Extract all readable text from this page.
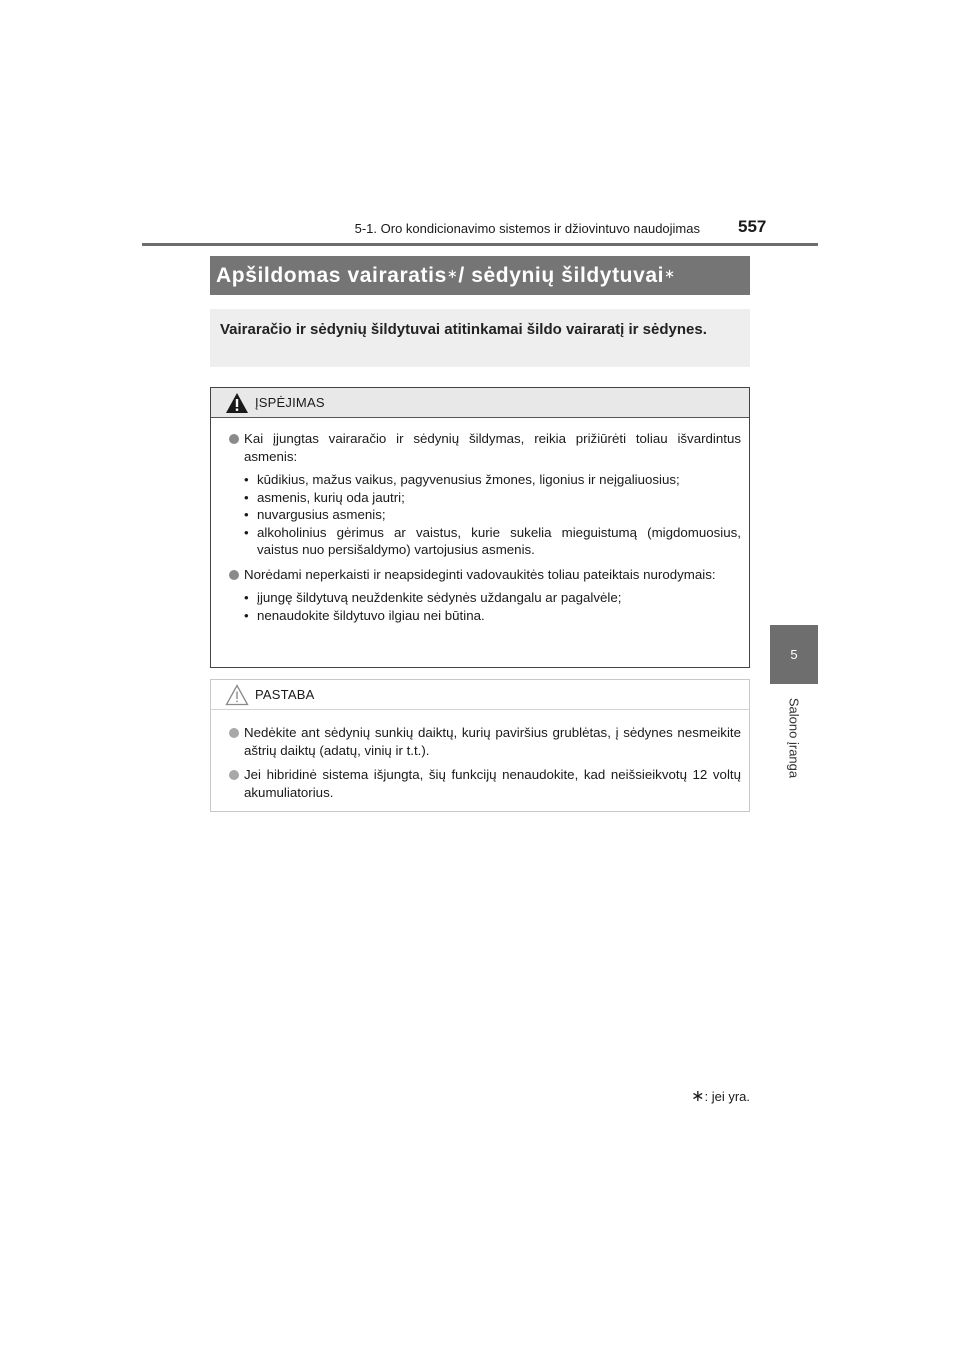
5-1. Oro kondicionavimo sistemos ir džiovintuvo naudojimas 557
5
Salono įranga
Apšildomas vairaratis∗ / sėdynių šildytuvai∗
Vairaračio ir sėdynių šildytuvai atitinkamai šildo vairaratį ir sėdynes.
ĮSPĖJIMAS
Kai įjungtas vairaračio ir sėdynių šildymas, reikia prižiūrėti toliau išvardintus asmenis:
• kūdikius, mažus vaikus, pagyvenusius žmones, ligonius ir neįgaliuosius;
• asmenis, kurių oda jautri;
• nuvargusius asmenis;
• alkoholinius gėrimus ar vaistus, kurie sukelia mieguistumą (migdomuosius, vaistus nuo persišaldymo) vartojusius asmenis.
Norėdami neperkaisti ir neapsideginti vadovaukitės toliau pateiktais nurodymais:
• įjungę šildytuvą neuždenkite sėdynės uždangalu ar pagalvėle;
• nenaudokite šildytuvo ilgiau nei būtina.
PASTABA
Nedėkite ant sėdynių sunkių daiktų, kurių paviršius grublėtas, į sėdynes nesmeikite aštrių daiktų (adatų, vinių ir t.t.).
Jei hibridinė sistema išjungta, šių funkcijų nenaudokite, kad neišsieikvotų 12 voltų akumuliatorius.
∗: jei yra.
